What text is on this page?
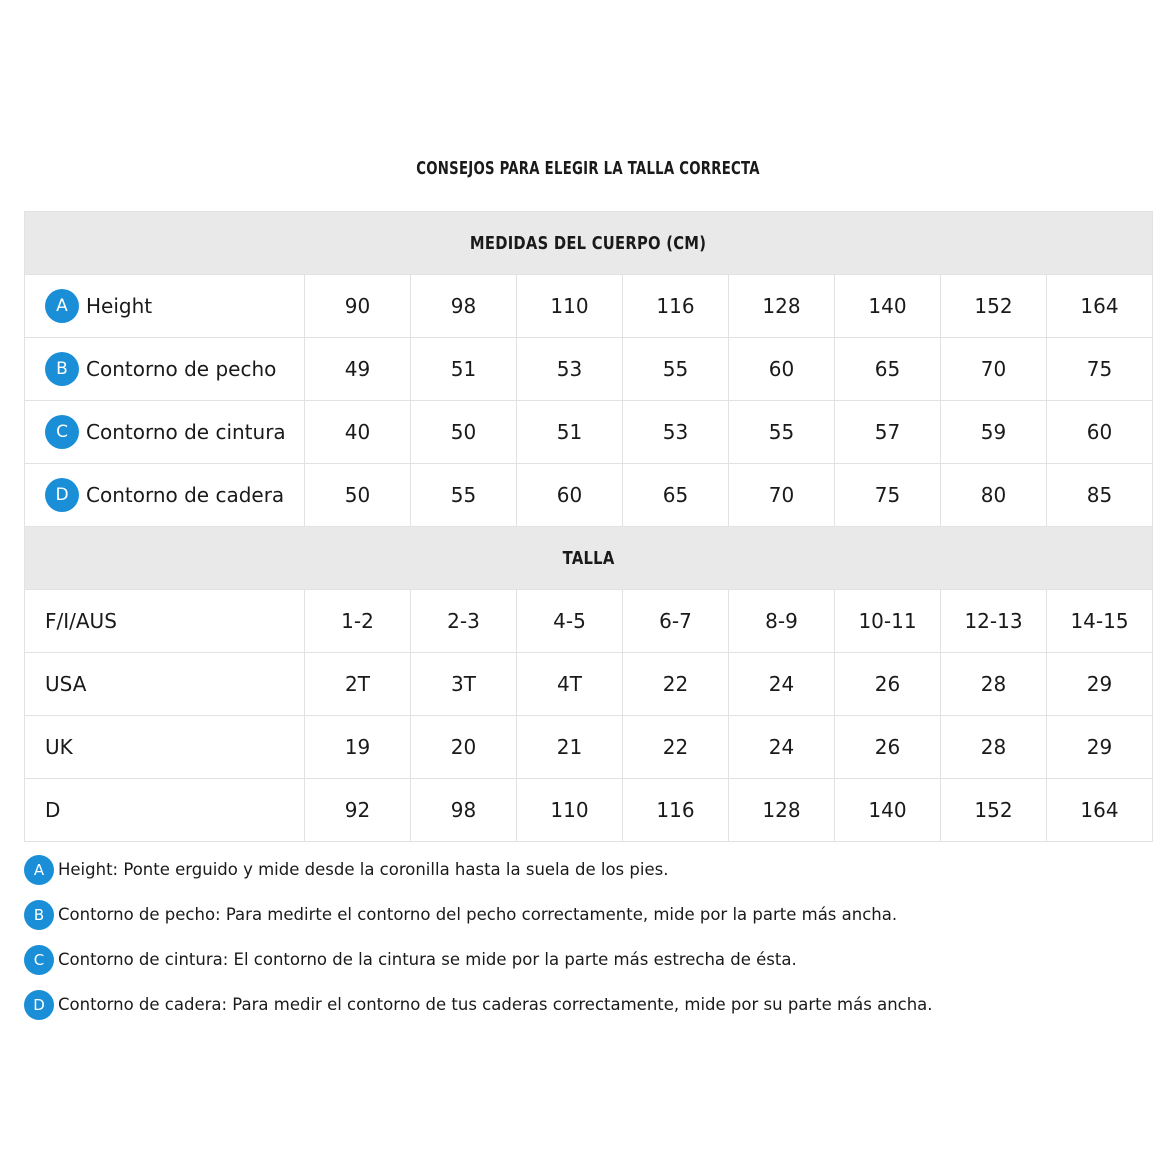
CONSEJOS PARA ELEGIR LA TALLA CORRECTA
MEDIDAS DEL CUERPO (CM)								
A Height	90	98	110	116	128	140	152	164
B Contorno de pecho	49	51	53	55	60	65	70	75
C Contorno de cintura	40	50	51	53	55	57	59	60
D Contorno de cadera	50	55	60	65	70	75	80	85
TALLA								
F/I/AUS	1-2	2-3	4-5	6-7	8-9	10-11	12-13	14-15
USA	2T	3T	4T	22	24	26	28	29
UK	19	20	21	22	24	26	28	29
D	92	98	110	116	128	140	152	164
A Height: Ponte erguido y mide desde la coronilla hasta la suela de los pies.
B Contorno de pecho: Para medirte el contorno del pecho correctamente, mide por la parte más ancha.
C Contorno de cintura: El contorno de la cintura se mide por la parte más estrecha de ésta.
D Contorno de cadera: Para medir el contorno de tus caderas correctamente, mide por su parte más ancha.
